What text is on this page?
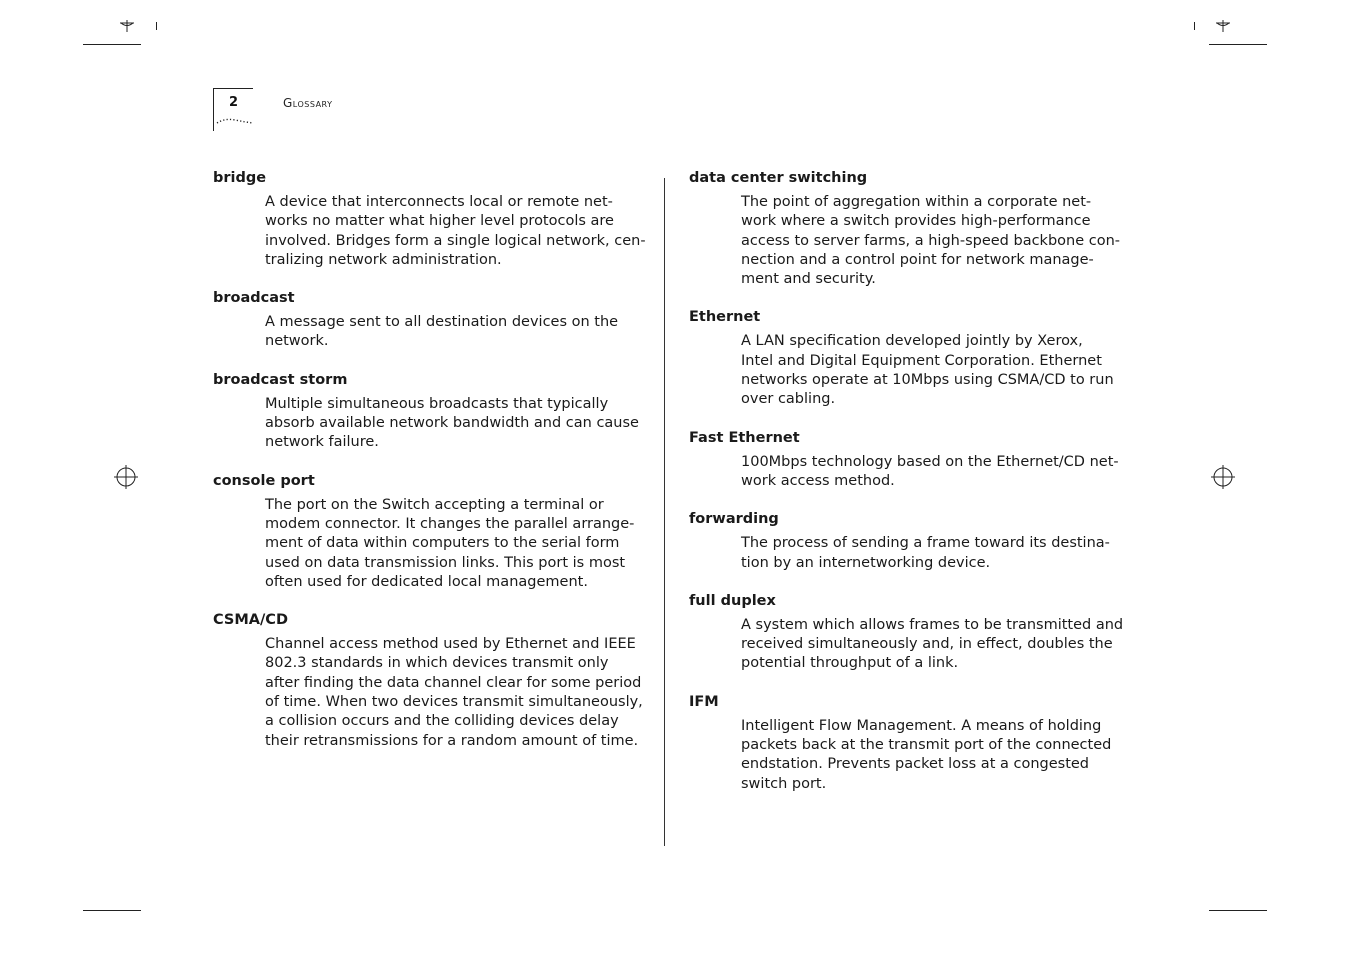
2	Glossary
bridge
A device that interconnects local or remote net-
works no matter what higher level protocols are
involved. Bridges form a single logical network, cen-
tralizing network administration.
broadcast
A message sent to all destination devices on the
network.
broadcast storm
Multiple simultaneous broadcasts that typically
absorb available network bandwidth and can cause
network failure.
console port
The port on the Switch accepting a terminal or
modem connector. It changes the parallel arrange-
ment of data within computers to the serial form
used on data transmission links. This port is most
often used for dedicated local management.
CSMA/CD
Channel access method used by Ethernet and IEEE
802.3 standards in which devices transmit only
after finding the data channel clear for some period
of time. When two devices transmit simultaneously,
a collision occurs and the colliding devices delay
their retransmissions for a random amount of time.
data center switching
The point of aggregation within a corporate net-
work where a switch provides high-performance
access to server farms, a high-speed backbone con-
nection and a control point for network manage-
ment and security.
Ethernet
A LAN specification developed jointly by Xerox,
Intel and Digital Equipment Corporation. Ethernet
networks operate at 10Mbps using CSMA/CD to run
over cabling.
Fast Ethernet
100Mbps technology based on the Ethernet/CD net-
work access method.
forwarding
The process of sending a frame toward its destina-
tion by an internetworking device.
full duplex
A system which allows frames to be transmitted and
received simultaneously and, in effect, doubles the
potential throughput of a link.
IFM
Intelligent Flow Management. A means of holding
packets back at the transmit port of the connected
endstation. Prevents packet loss at a congested
switch port.
